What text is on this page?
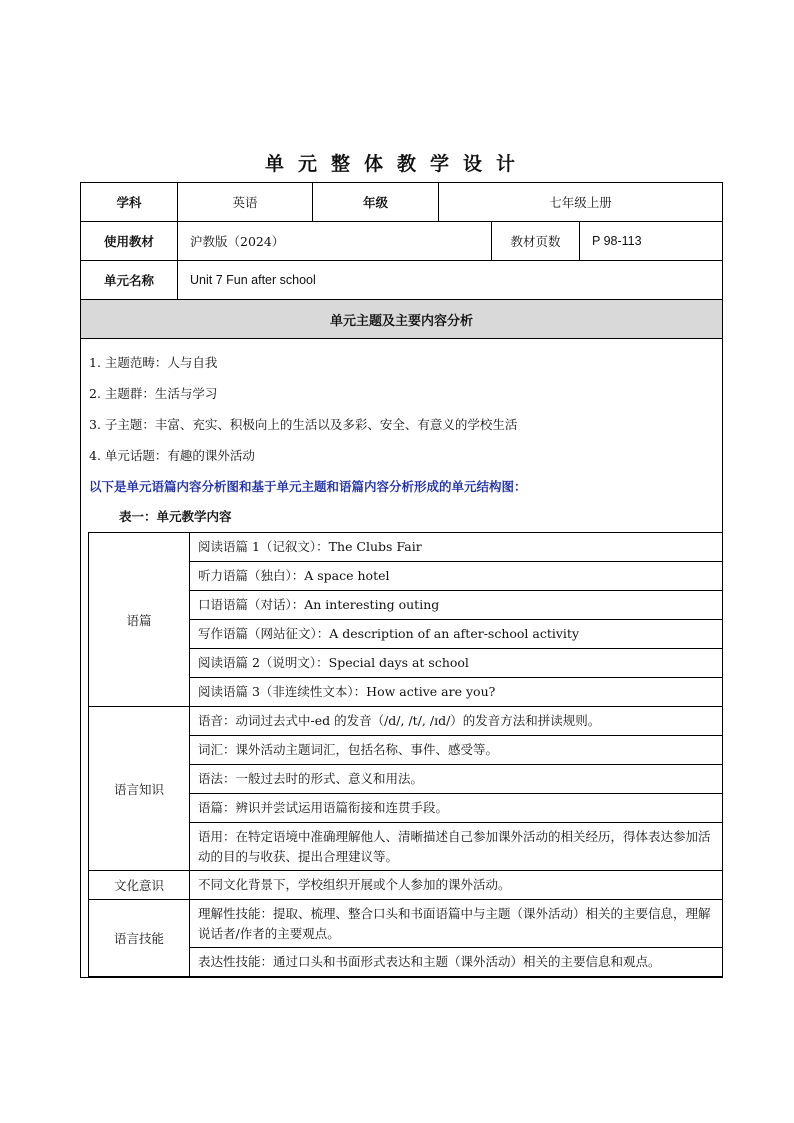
单元整体教学设计
学科	英语	年级	七年级上册
使用教材	沪教版（2024）	教材页数	P 98-113
单元名称	Unit 7 Fun after school
单元主题及主要内容分析

1. 主题范畴：人与自我
2. 主题群：生活与学习
3. 子主题：丰富、充实、积极向上的生活以及多彩、安全、有意义的学校生活
4. 单元话题：有趣的课外活动
以下是单元语篇内容分析图和基于单元主题和语篇内容分析形成的单元结构图：
表一：单元教学内容
语篇	阅读语篇 1（记叙文）：The Clubs Fair
听力语篇（独白）：A space hotel
口语语篇（对话）：An interesting outing
写作语篇（网站征文）：A description of an after-school activity
阅读语篇 2（说明文）：Special days at school
阅读语篇 3（非连续性文本）：How active are you?
语言知识	语音：动词过去式中-ed 的发音（/d/, /t/, /ɪd/）的发音方法和拼读规则。
词汇：课外活动主题词汇，包括名称、事件、感受等。
语法：一般过去时的形式、意义和用法。
语篇：辨识并尝试运用语篇衔接和连贯手段。
语用：在特定语境中准确理解他人、清晰描述自己参加课外活动的相关经历，得体表达参加活动的目的与收获、提出合理建议等。
文化意识	不同文化背景下，学校组织开展或个人参加的课外活动。
语言技能	理解性技能：提取、梳理、整合口头和书面语篇中与主题（课外活动）相关的主要信息，理解说话者/作者的主要观点。
表达性技能：通过口头和书面形式表达和主题（课外活动）相关的主要信息和观点。
